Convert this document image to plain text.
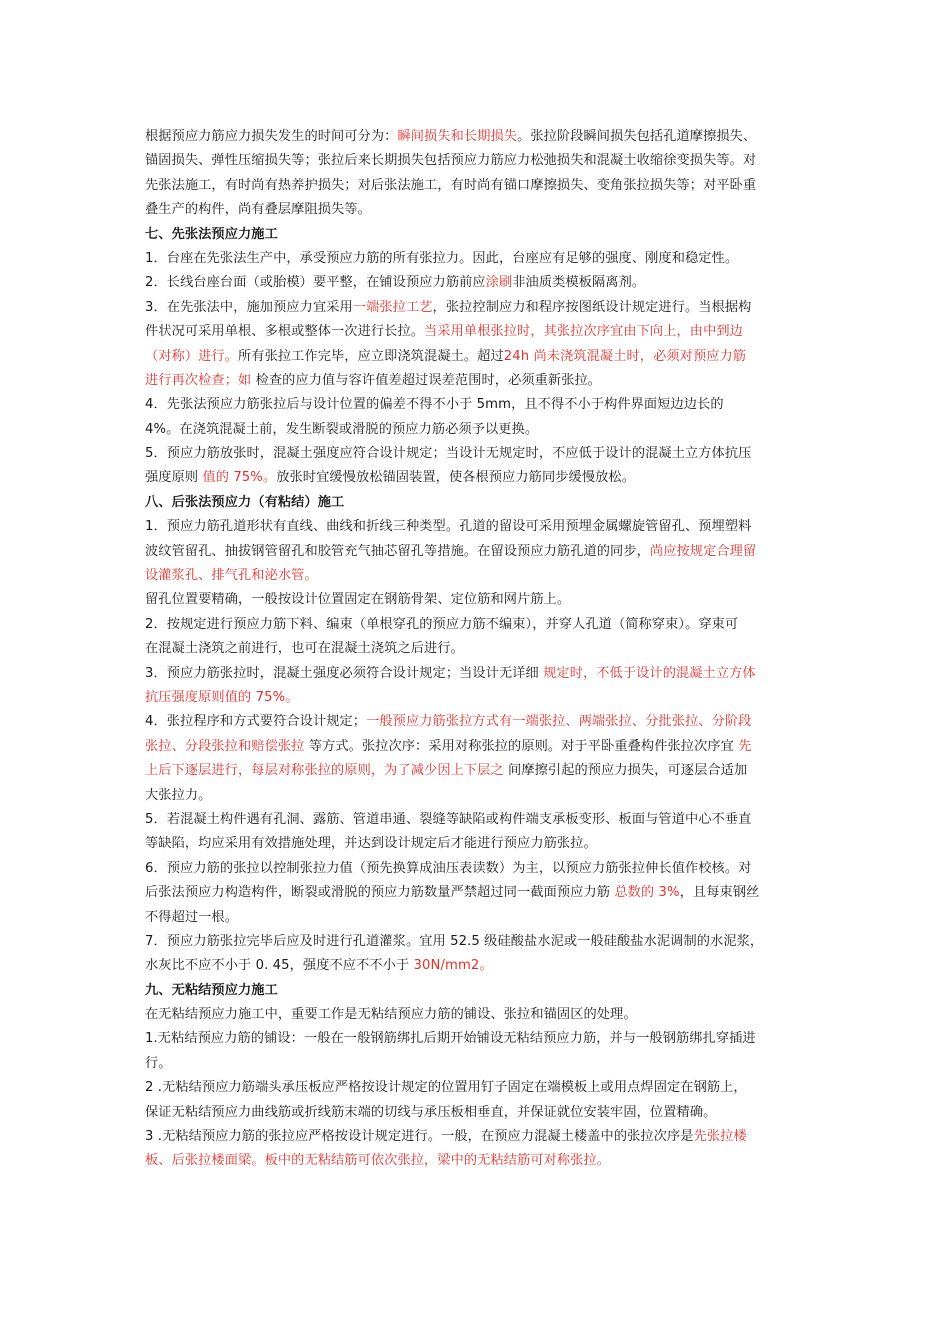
根据预应力筋应力损失发生的时间可分为：瞬间损失和长期损失。张拉阶段瞬间损失包括孔道摩擦损失、
锚固损失、弹性压缩损失等；张拉后来长期损失包括预应力筋应力松弛损失和混凝土收缩徐变损失等。对
先张法施工，有时尚有热养护损失；对后张法施工，有时尚有锚口摩擦损失、变角张拉损失等；对平卧重
叠生产的构件，尚有叠层摩阻损失等。
七、先张法预应力施工
1．台座在先张法生产中，承受预应力筋的所有张拉力。因此，台座应有足够的强度、刚度和稳定性。
2．长线台座台面（或胎模）要平整，在铺设预应力筋前应涂刷非油质类模板隔离剂。
3．在先张法中，施加预应力宜采用一端张拉工艺，张拉控制应力和程序按图纸设计规定进行。当根据构
件状况可采用单根、多根或整体一次进行长拉。当采用单根张拉时，其张拉次序宜由下向上，由中到边
（对称）进行。所有张拉工作完毕，应立即浇筑混凝土。超过24h 尚未浇筑混凝土时，必须对预应力筋
进行再次检查；如 检查的应力值与容许值差超过误差范围时，必须重新张拉。
4．先张法预应力筋张拉后与设计位置的偏差不得不小于 5mm，且不得不小于构件界面短边边长的
4%。在浇筑混凝土前，发生断裂或滑脱的预应力筋必须予以更换。
5．预应力筋放张时，混凝土强度应符合设计规定；当设计无规定时，不应低于设计的混凝土立方体抗压
强度原则 值的 75%。放张时宜缓慢放松锚固装置，使各根预应力筋同步缓慢放松。
八、后张法预应力（有粘结）施工
1．预应力筋孔道形状有直线、曲线和折线三种类型。孔道的留设可采用预埋金属螺旋管留孔、预埋塑料
波纹管留孔、抽拔钢管留孔和胶管充气抽芯留孔等措施。在留设预应力筋孔道的同步，尚应按规定合理留
设灌浆孔、排气孔和泌水管。
留孔位置要精确，一般按设计位置固定在钢筋骨架、定位筋和网片筋上。
2．按规定进行预应力筋下料、编束（单根穿孔的预应力筋不编束），并穿人孔道（简称穿束）。穿束可
在混凝土浇筑之前进行，也可在混凝土浇筑之后进行。
3．预应力筋张拉时，混凝土强度必须符合设计规定；当设计无详细 规定时，不低于设计的混凝土立方体
抗压强度原则值的 75%。
4．张拉程序和方式要符合设计规定；一般预应力筋张拉方式有一端张拉、两端张拉、分批张拉、分阶段
张拉、分段张拉和赔偿张拉 等方式。张拉次序：采用对称张拉的原则。对于平卧重叠构件张拉次序宜 先
上后下逐层进行，每层对称张拉的原则，为了减少因上下层之 间摩擦引起的预应力损失，可逐层合适加
大张拉力。
5．若混凝土构件遇有孔洞、露筋、管道串通、裂缝等缺陷或构件端支承板变形、板面与管道中心不垂直
等缺陷，均应采用有效措施处理，并达到设计规定后才能进行预应力筋张拉。
6．预应力筋的张拉以控制张拉力值（预先换算成油压表读数）为主，以预应力筋张拉伸长值作校核。对
后张法预应力构造构件，断裂或滑脱的预应力筋数量严禁超过同一截面预应力筋 总数的 3%，且每束钢丝
不得超过一根。
7．预应力筋张拉完毕后应及时进行孔道灌浆。宜用 52.5 级硅酸盐水泥或一般硅酸盐水泥调制的水泥浆，
水灰比不应不小于 0. 45，强度不应不不小于 30N/mm2。
九、无粘结预应力施工
在无粘结预应力施工中，重要工作是无粘结预应力筋的铺设、张拉和锚固区的处理。
1.无粘结预应力筋的铺设：一般在一般钢筋绑扎后期开始铺设无粘结预应力筋，并与一般钢筋绑扎穿插进
行。
2 .无粘结预应力筋端头承压板应严格按设计规定的位置用钉子固定在端模板上或用点焊固定在钢筋上，
保证无粘结预应力曲线筋或折线筋末端的切线与承压板相垂直，并保证就位安装牢固，位置精确。
3 .无粘结预应力筋的张拉应严格按设计规定进行。一般，在预应力混凝土楼盖中的张拉次序是先张拉楼
板、后张拉楼面梁。板中的无粘结筋可依次张拉，梁中的无粘结筋可对称张拉。
